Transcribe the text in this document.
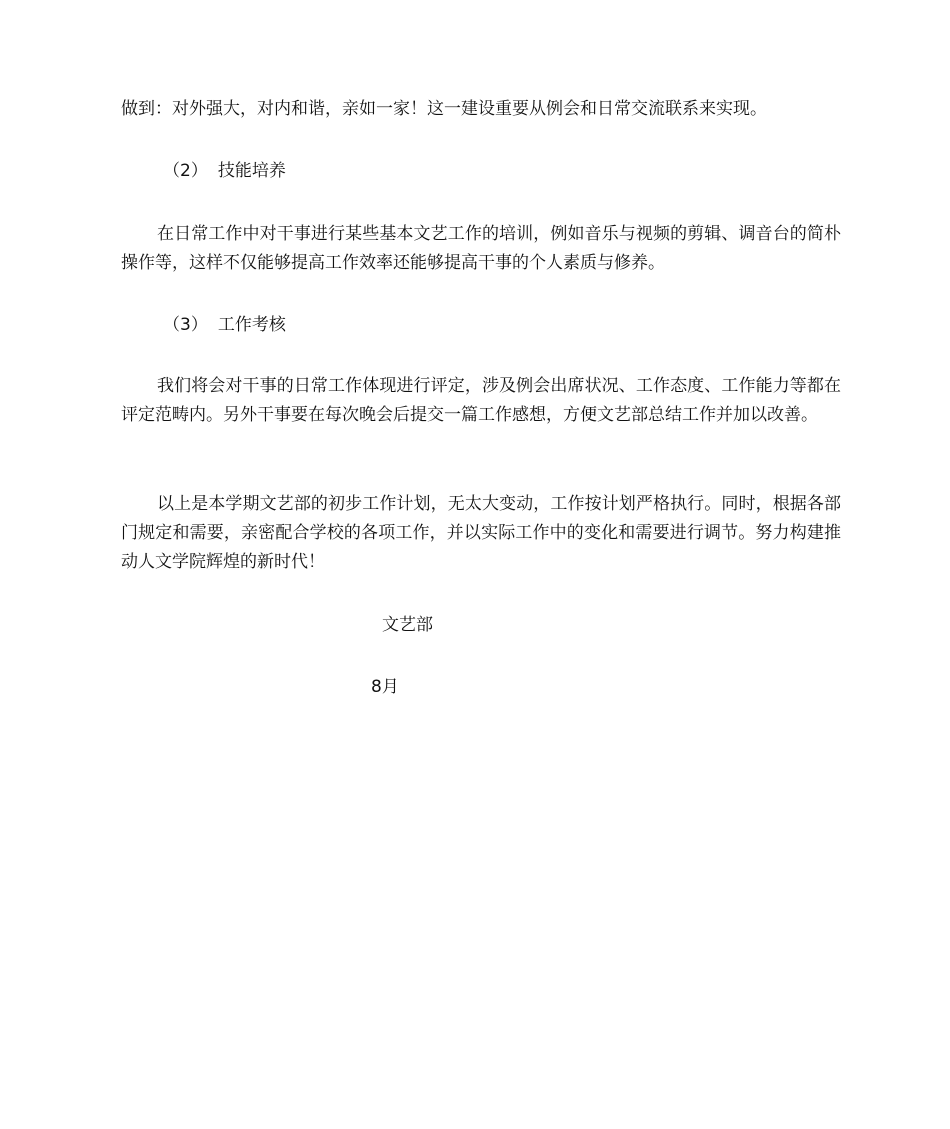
做到：对外强大，对内和谐，亲如一家！这一建设重要从例会和日常交流联系来实现。
（2） 技能培养
在日常工作中对干事进行某些基本文艺工作的培训，例如音乐与视频的剪辑、调音台的简朴操作等，这样不仅能够提高工作效率还能够提高干事的个人素质与修养。
（3） 工作考核
我们将会对干事的日常工作体现进行评定，涉及例会出席状况、工作态度、工作能力等都在评定范畴内。另外干事要在每次晚会后提交一篇工作感想，方便文艺部总结工作并加以改善。
以上是本学期文艺部的初步工作计划，无太大变动，工作按计划严格执行。同时，根据各部门规定和需要，亲密配合学校的各项工作，并以实际工作中的变化和需要进行调节。努力构建推动人文学院辉煌的新时代！
文艺部
8月
